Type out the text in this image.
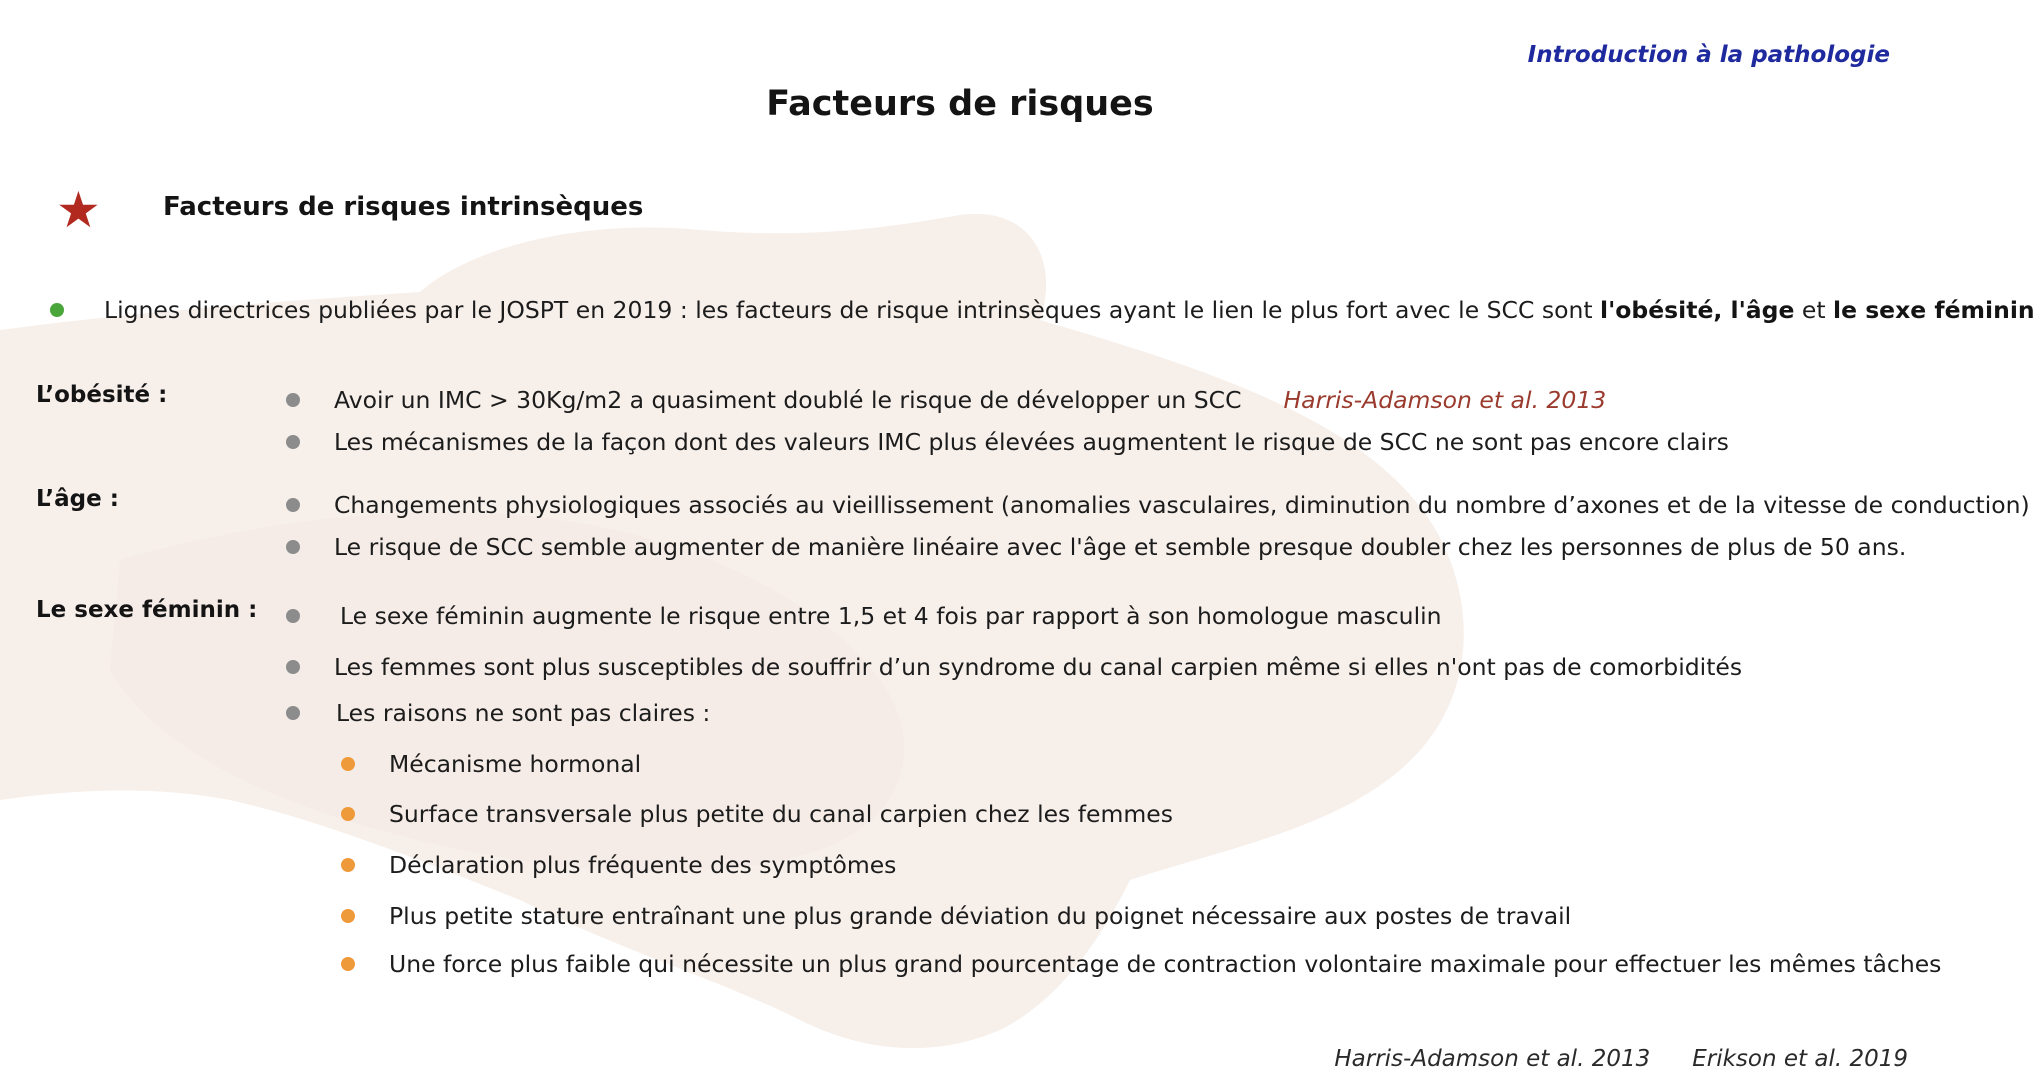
Introduction à la pathologie
Facteurs de risques
★ Facteurs de risques intrinsèques
Lignes directrices publiées par le JOSPT en 2019 : les facteurs de risque intrinsèques ayant le lien le plus fort avec le SCC sont l'obésité, l'âge et le sexe féminin
L’obésité :	Avoir un IMC > 30Kg/m2 a quasiment doublé le risque de développer un SCC Harris-Adamson et al. 2013
Les mécanismes de la façon dont des valeurs IMC plus élevées augmentent le risque de SCC ne sont pas encore clairs
L’âge :	Changements physiologiques associés au vieillissement (anomalies vasculaires, diminution du nombre d’axones et de la vitesse de conduction)
Le risque de SCC semble augmenter de manière linéaire avec l'âge et semble presque doubler chez les personnes de plus de 50 ans.
Le sexe féminin :	Le sexe féminin augmente le risque entre 1,5 et 4 fois par rapport à son homologue masculin
Les femmes sont plus susceptibles de souffrir d’un syndrome du canal carpien même si elles n'ont pas de comorbidités
Les raisons ne sont pas claires :
Mécanisme hormonal
Surface transversale plus petite du canal carpien chez les femmes
Déclaration plus fréquente des symptômes
Plus petite stature entraînant une plus grande déviation du poignet nécessaire aux postes de travail
Une force plus faible qui nécessite un plus grand pourcentage de contraction volontaire maximale pour effectuer les mêmes tâches
Harris-Adamson et al. 2013 Erikson et al. 2019
